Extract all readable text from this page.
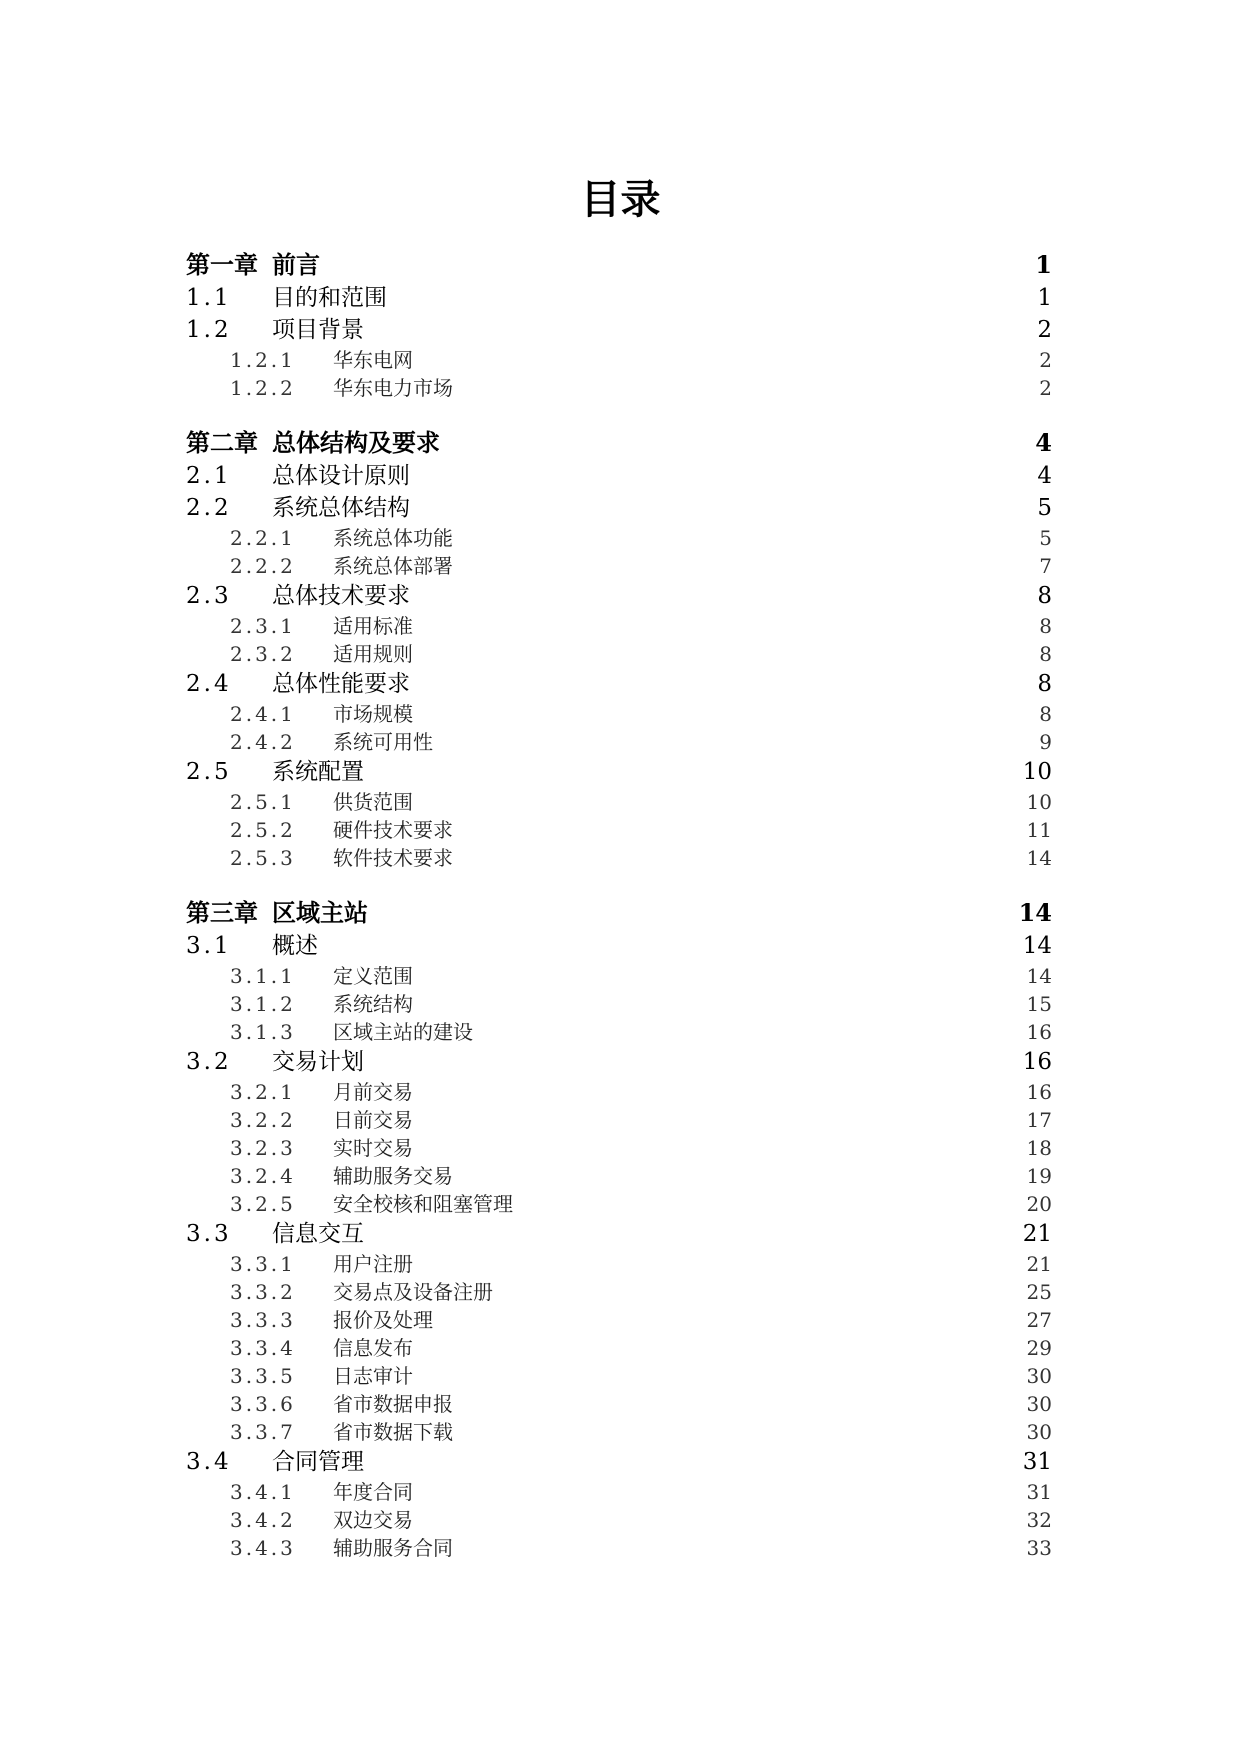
目录
第一章 前言	1
1.1 目的和范围	1
1.2 项目背景	2
1.2.1 华东电网	2
1.2.2 华东电力市场	2
第二章 总体结构及要求	4
2.1 总体设计原则	4
2.2 系统总体结构	5
2.2.1 系统总体功能	5
2.2.2 系统总体部署	7
2.3 总体技术要求	8
2.3.1 适用标准	8
2.3.2 适用规则	8
2.4 总体性能要求	8
2.4.1 市场规模	8
2.4.2 系统可用性	9
2.5 系统配置	10
2.5.1 供货范围	10
2.5.2 硬件技术要求	11
2.5.3 软件技术要求	14
第三章 区域主站	14
3.1 概述	14
3.1.1 定义范围	14
3.1.2 系统结构	15
3.1.3 区域主站的建设	16
3.2 交易计划	16
3.2.1 月前交易	16
3.2.2 日前交易	17
3.2.3 实时交易	18
3.2.4 辅助服务交易	19
3.2.5 安全校核和阻塞管理	20
3.3 信息交互	21
3.3.1 用户注册	21
3.3.2 交易点及设备注册	25
3.3.3 报价及处理	27
3.3.4 信息发布	29
3.3.5 日志审计	30
3.3.6 省市数据申报	30
3.3.7 省市数据下载	30
3.4 合同管理	31
3.4.1 年度合同	31
3.4.2 双边交易	32
3.4.3 辅助服务合同	33
